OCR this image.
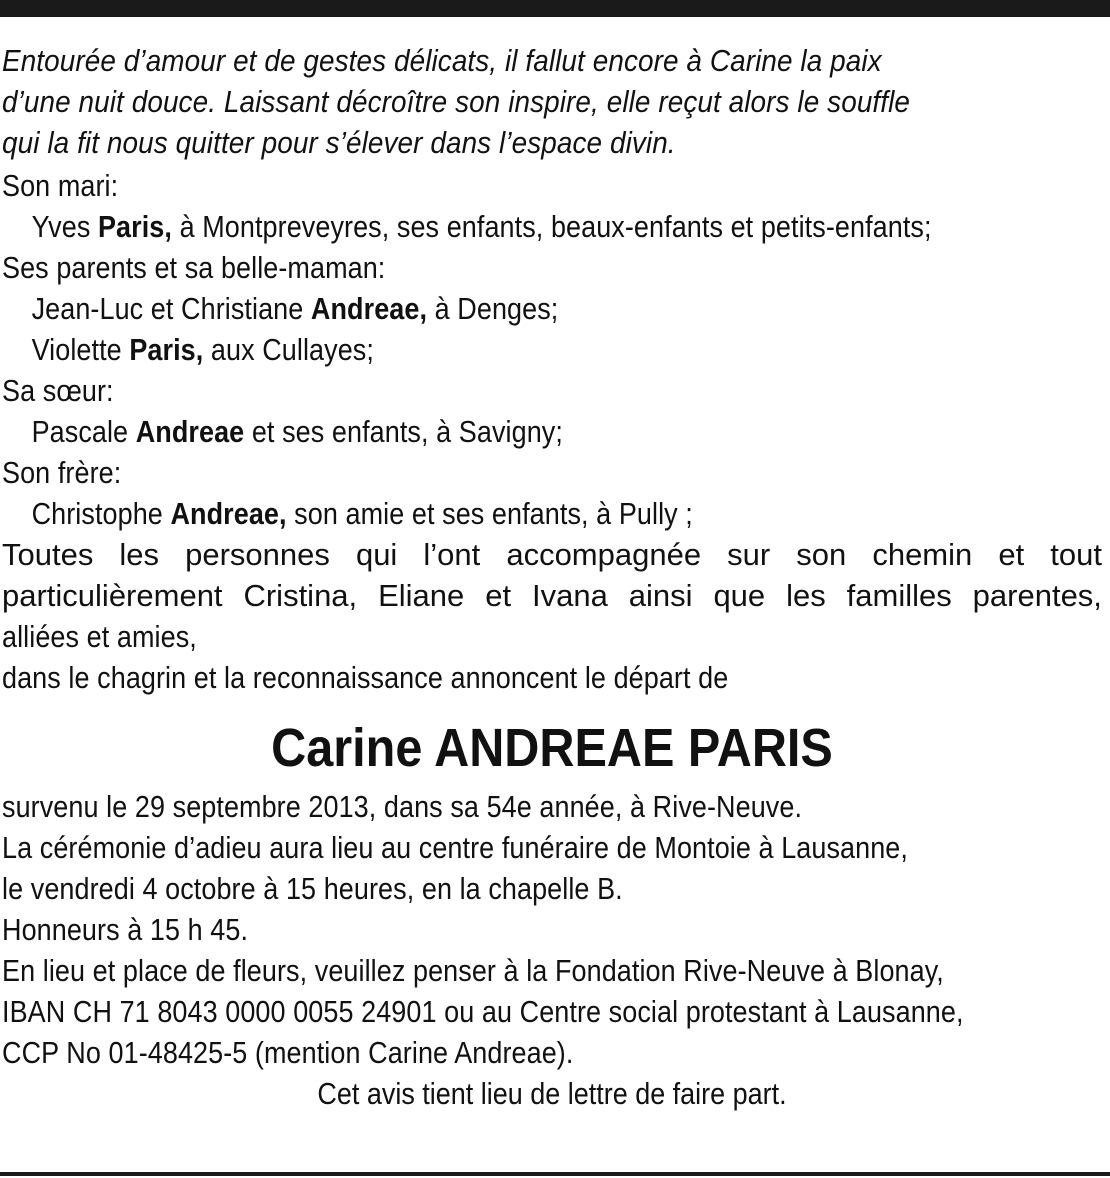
Entourée d’amour et de gestes délicats, il fallut encore à Carine la paix
d’une nuit douce. Laissant décroître son inspire, elle reçut alors le souffle
qui la fit nous quitter pour s’élever dans l’espace divin.
Son mari:
Yves Paris, à Montpreveyres, ses enfants, beaux-enfants et petits-enfants;
Ses parents et sa belle-maman:
Jean-Luc et Christiane Andreae, à Denges;
Violette Paris, aux Cullayes;
Sa sœur:
Pascale Andreae et ses enfants, à Savigny;
Son frère:
Christophe Andreae, son amie et ses enfants, à Pully ;
Toutes les personnes qui l’ont accompagnée sur son chemin et tout
particulièrement Cristina, Eliane et Ivana ainsi que les familles parentes,
alliées et amies,
dans le chagrin et la reconnaissance annoncent le départ de
Carine ANDREAE PARIS
survenu le 29 septembre 2013, dans sa 54e année, à Rive-Neuve.
La cérémonie d’adieu aura lieu au centre funéraire de Montoie à Lausanne,
le vendredi 4 octobre à 15 heures, en la chapelle B.
Honneurs à 15 h 45.
En lieu et place de fleurs, veuillez penser à la Fondation Rive-Neuve à Blonay,
IBAN CH 71 8043 0000 0055 24901 ou au Centre social protestant à Lausanne,
CCP No 01-48425-5 (mention Carine Andreae).
Cet avis tient lieu de lettre de faire part.
